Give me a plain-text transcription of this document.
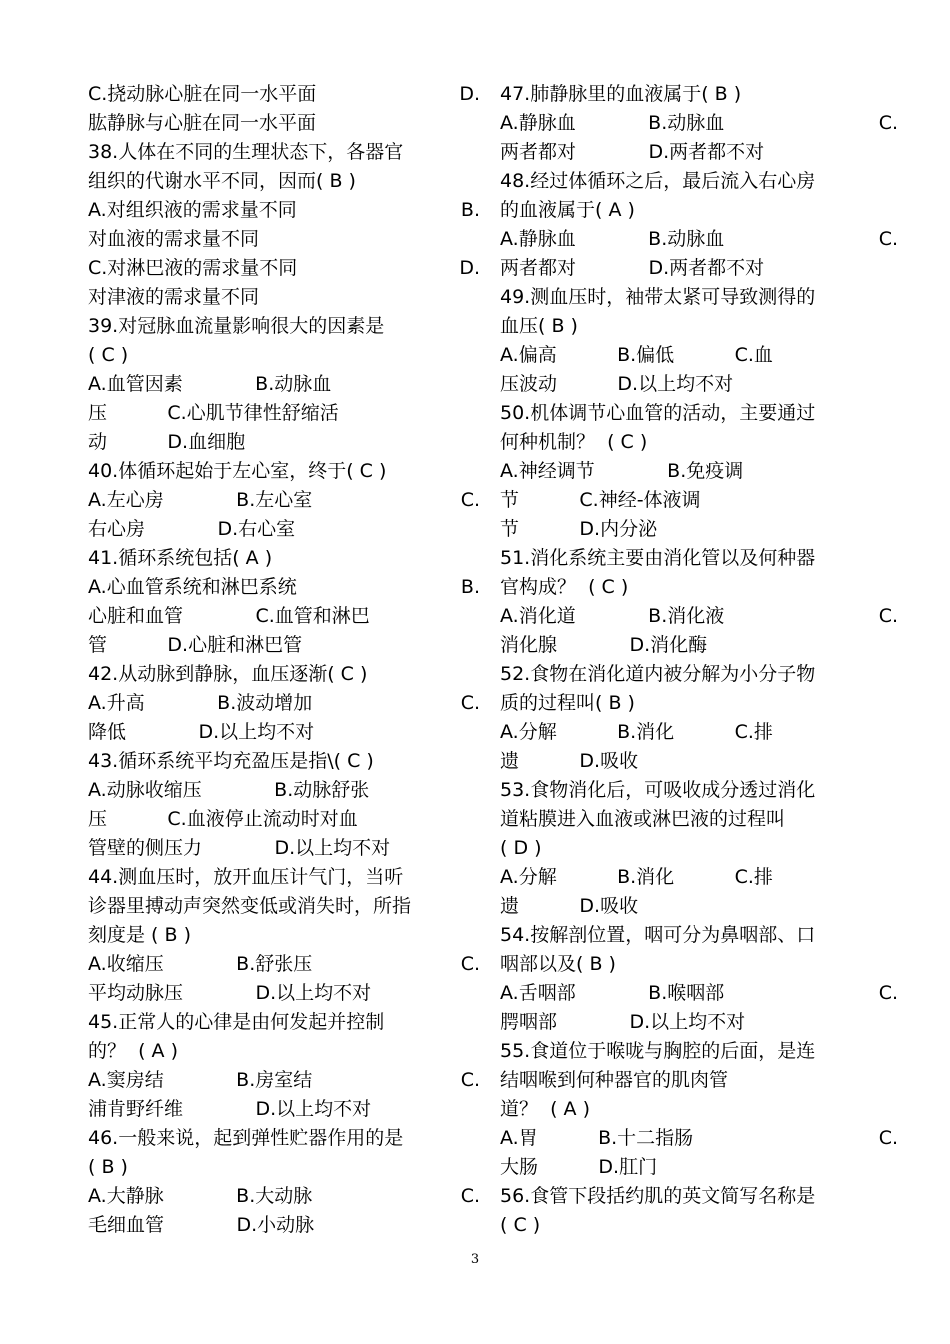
C.挠动脉心脏在同一水平面	D.
肱静脉与心脏在同一水平面
38.人体在不同的生理状态下，各器官
组织的代谢水平不同，因而( B )
A.对组织液的需求量不同	B.
对血液的需求量不同
C.对淋巴液的需求量不同	D.
对津液的需求量不同
39.对冠脉血流量影响很大的因素是
( C )
A.血管因素            B.动脉血
压          C.心肌节律性舒缩活
动          D.血细胞
40.体循环起始于左心室，终于( C )
A.左心房            B.左心室	C.
右心房            D.右心室
41.循环系统包括( A )
A.心血管系统和淋巴系统	B.
心脏和血管            C.血管和淋巴
管          D.心脏和淋巴管
42.从动脉到静脉，血压逐渐( C )
A.升高            B.波动增加	C.
降低            D.以上均不对
43.循环系统平均充盈压是指\( C )
A.动脉收缩压            B.动脉舒张
压          C.血液停止流动时对血
管壁的侧压力            D.以上均不对
44.测血压时，放开血压计气门，当听
诊器里搏动声突然变低或消失时，所指
刻度是 ( B )
A.收缩压            B.舒张压	C.
平均动脉压            D.以上均不对
45.正常人的心律是由何发起并控制
的？  ( A )
A.窦房结            B.房室结	C.
浦肯野纤维            D.以上均不对
46.一般来说，起到弹性贮器作用的是
( B )
A.大静脉            B.大动脉	C.
毛细血管            D.小动脉
47.肺静脉里的血液属于( B )
A.静脉血            B.动脉血	C.
两者都对            D.两者都不对
48.经过体循环之后，最后流入右心房
的血液属于( A )
A.静脉血            B.动脉血	C.
两者都对            D.两者都不对
49.测血压时，袖带太紧可导致测得的
血压( B )
A.偏高          B.偏低          C.血
压波动          D.以上均不对
50.机体调节心血管的活动，主要通过
何种机制？  ( C )
A.神经调节            B.免疫调
节          C.神经-体液调
节          D.内分泌
51.消化系统主要由消化管以及何种器
官构成？  ( C )
A.消化道            B.消化液	C.
消化腺            D.消化酶
52.食物在消化道内被分解为小分子物
质的过程叫( B )
A.分解          B.消化          C.排
遗          D.吸收
53.食物消化后，可吸收成分透过消化
道粘膜进入血液或淋巴液的过程叫
( D )
A.分解          B.消化          C.排
遗          D.吸收
54.按解剖位置，咽可分为鼻咽部、口
咽部以及( B )
A.舌咽部            B.喉咽部	C.
腭咽部            D.以上均不对
55.食道位于喉咙与胸腔的后面，是连
结咽喉到何种器官的肌肉管
道？  ( A )
A.胃          B.十二指肠	C.
大肠          D.肛门
56.食管下段括约肌的英文简写名称是
( C )
3
